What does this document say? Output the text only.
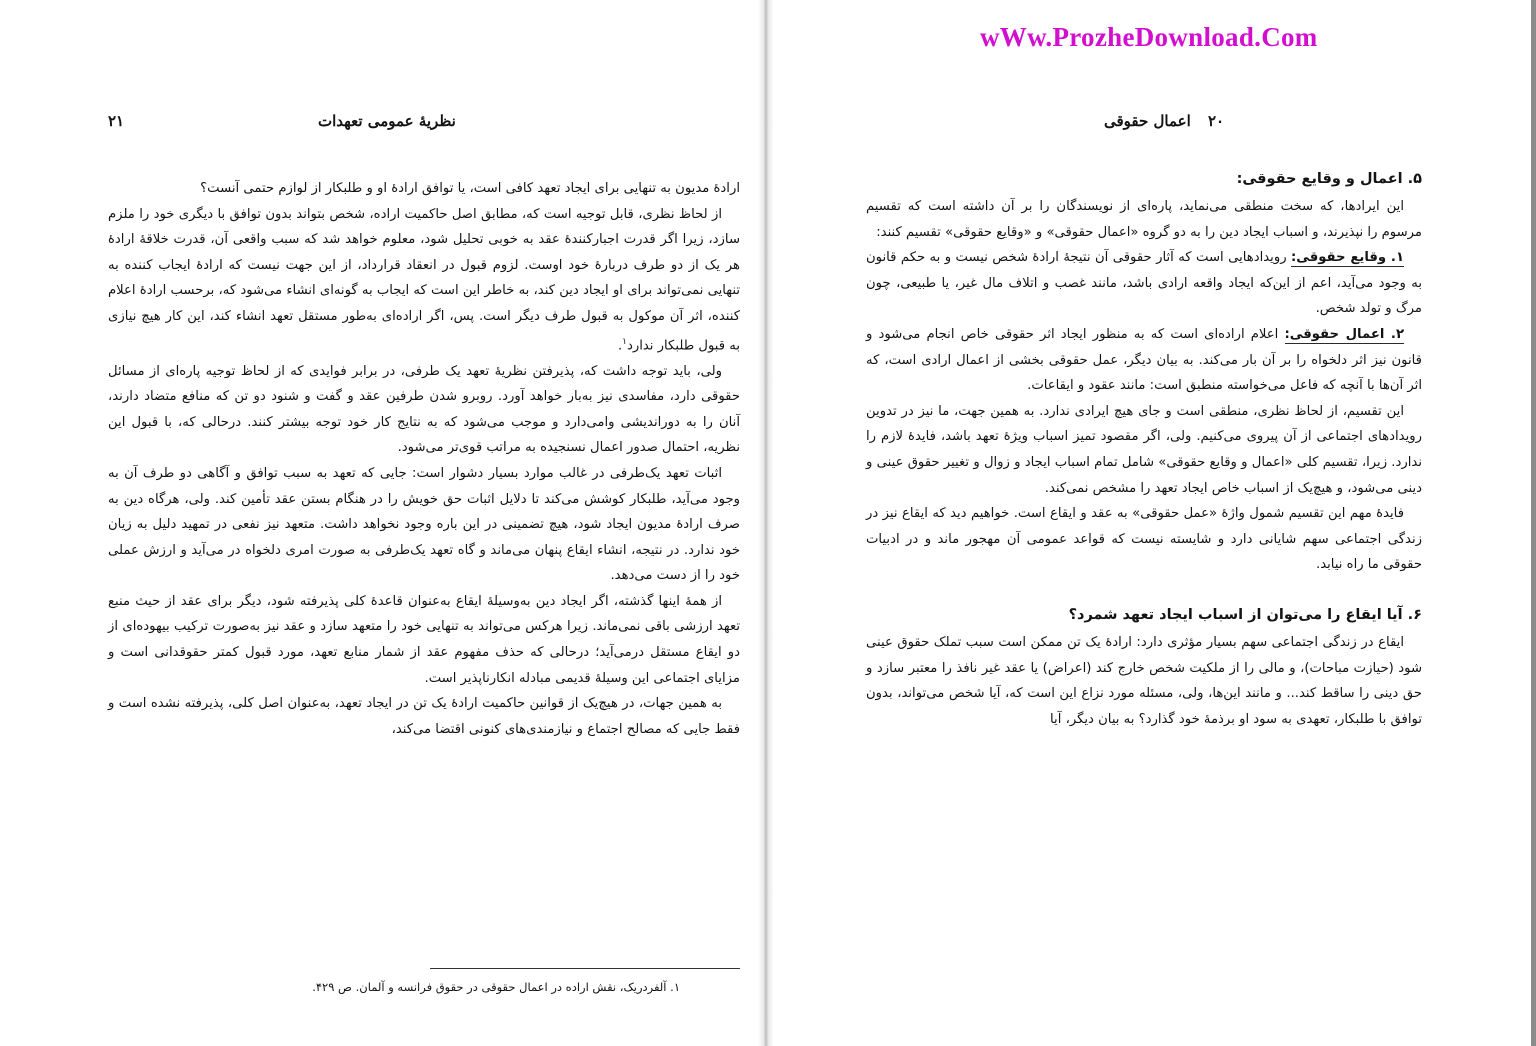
wWw.ProzheDownload.Com
۲۱	نظریهٔ عمومی تعهدات

ارادهٔ مدیون به تنهایی برای ایجاد تعهد کافی است، یا توافق ارادهٔ او و طلبکار از لوازم حتمی آنست؟

از لحاظ نظری، قابل توجیه است که، مطابق اصل حاکمیت اراده، شخص بتواند بدون توافق با دیگری خود را ملزم سازد، زیرا اگر قدرت اجبارکنندهٔ عقد به خوبی تحلیل شود، معلوم خواهد شد که سبب واقعی آن، قدرت خلاقهٔ ارادهٔ هر یک از دو طرف دربارهٔ خود اوست. لزوم قبول در انعقاد قرارداد، از این جهت نیست که ارادهٔ ایجاب کننده به تنهایی نمی‌تواند برای او ایجاد دین کند، به خاطر این است که ایجاب به گونه‌ای انشاء می‌شود که، برحسب ارادهٔ اعلام کننده، اثر آن موکول به قبول طرف دیگر است. پس، اگر اراده‌ای به‌طور مستقل تعهد انشاء کند، این کار هیچ نیازی به قبول طلبکار ندارد$^۱$.

ولی، باید توجه داشت که، پذیرفتن نظریهٔ تعهد یک طرفی، در برابر فوایدی که از لحاظ توجیه پاره‌ای از مسائل حقوقی دارد، مفاسدی نیز به‌بار خواهد آورد. روبرو شدن طرفین عقد و گفت و شنود دو تن که منافع متضاد دارند، آنان را به دوراندیشی وامی‌دارد و موجب می‌شود که به نتایج کار خود توجه بیشتر کنند. درحالی که، با قبول این نظریه، احتمال صدور اعمال نسنجیده به مراتب قوی‌تر می‌شود.

اثبات تعهد یک‌طرفی در غالب موارد بسیار دشوار است: جایی که تعهد به سبب توافق و آگاهی دو طرف آن به وجود می‌آید، طلبکار کوشش می‌کند تا دلایل اثبات حق خویش را در هنگام بستن عقد تأمین کند. ولی، هرگاه دین به صرف ارادهٔ مدیون ایجاد شود، هیچ تضمینی در این باره وجود نخواهد داشت. متعهد نیز نفعی در تمهید دلیل به زیان خود ندارد. در نتیجه، انشاء ایقاع پنهان می‌ماند و گاه تعهد یک‌طرفی به صورت امری دلخواه در می‌آید و ارزش عملی خود را از دست می‌دهد.

از همهٔ اینها گذشته، اگر ایجاد دین به‌وسیلهٔ ایقاع به‌عنوان قاعدهٔ کلی پذیرفته شود، دیگر برای عقد از حیث منبع تعهد ارزشی باقی نمی‌ماند. زیرا هرکس می‌تواند به تنهایی خود را متعهد سازد و عقد نیز به‌صورت ترکیب بیهوده‌ای از دو ایقاع مستقل درمی‌آید؛ درحالی که حذف مفهوم عقد از شمار منابع تعهد، مورد قبول کمتر حقوقدانی است و مزایای اجتماعی این وسیلهٔ قدیمی مبادله انکارناپذیر است.

به همین جهات، در هیچ‌یک از قوانین حاکمیت ارادهٔ یک تن در ایجاد تعهد، به‌عنوان اصل کلی، پذیرفته نشده است و فقط جایی که مصالح اجتماع و نیازمندی‌های کنونی اقتضا می‌کند،

۱. آلفردریک، نقش اراده در اعمال حقوقی در حقوق فرانسه و آلمان. ص ۴۲۹.
۲۰
اعمال حقوقی
۵. اعمال و وقایع حقوقی:

این ایرادها، که سخت منطقی می‌نماید، پاره‌ای از نویسندگان را بر آن داشته است که تقسیم مرسوم را نپذیرند، و اسباب ایجاد دین را به دو گروه «اعمال حقوقی» و «وقایع حقوقی» تقسیم کنند:

۱. وقایع حقوقی: رویدادهایی است که آثار حقوقی آن نتیجهٔ ارادهٔ شخص نیست و به حکم قانون به وجود می‌آید، اعم از این‌که ایجاد واقعه ارادی باشد، مانند غصب و اتلاف مال غیر، یا طبیعی، چون مرگ و تولد شخص.

۲. اعمال حقوقی: اعلام اراده‌ای است که به منظور ایجاد اثر حقوقی خاص انجام می‌شود و قانون نیز اثر دلخواه را بر آن بار می‌کند. به بیان دیگر، عمل حقوقی بخشی از اعمال ارادی است، که اثر آن‌ها با آنچه که فاعل می‌خواسته منطبق است: مانند عقود و ایقاعات.

این تقسیم، از لحاظ نظری، منطقی است و جای هیچ ایرادی ندارد. به همین جهت، ما نیز در تدوین رویدادهای اجتماعی از آن پیروی می‌کنیم. ولی، اگر مقصود تمیز اسباب ویژهٔ تعهد باشد، فایدهٔ لازم را ندارد. زیرا، تقسیم کلی «اعمال و وقایع حقوقی» شامل تمام اسباب ایجاد و زوال و تغییر حقوق عینی و دینی می‌شود، و هیچ‌یک از اسباب خاص ایجاد تعهد را مشخص نمی‌کند.

فایدهٔ مهم این تقسیم شمول واژهٔ «عمل حقوقی» به عقد و ایقاع است. خواهیم دید که ایقاع نیز در زندگی اجتماعی سهم شایانی دارد و شایسته نیست که قواعد عمومی آن مهجور ماند و در ادبیات حقوقی ما راه نیابد.

۶. آیا ایقاع را می‌توان از اسباب ایجاد تعهد شمرد؟

ایقاع در زندگی اجتماعی سهم بسیار مؤثری دارد: ارادهٔ یک تن ممکن است سبب تملک حقوق عینی شود (حیازت مباحات)، و مالی را از ملکیت شخص خارج کند (اعراض) یا عقد غیر نافذ را معتبر سازد و حق دینی را ساقط کند... و مانند این‌ها، ولی، مسئله مورد نزاع این است که، آیا شخص می‌تواند، بدون توافق با طلبکار، تعهدی به سود او برذمهٔ خود گذارد؟ به بیان دیگر، آیا
